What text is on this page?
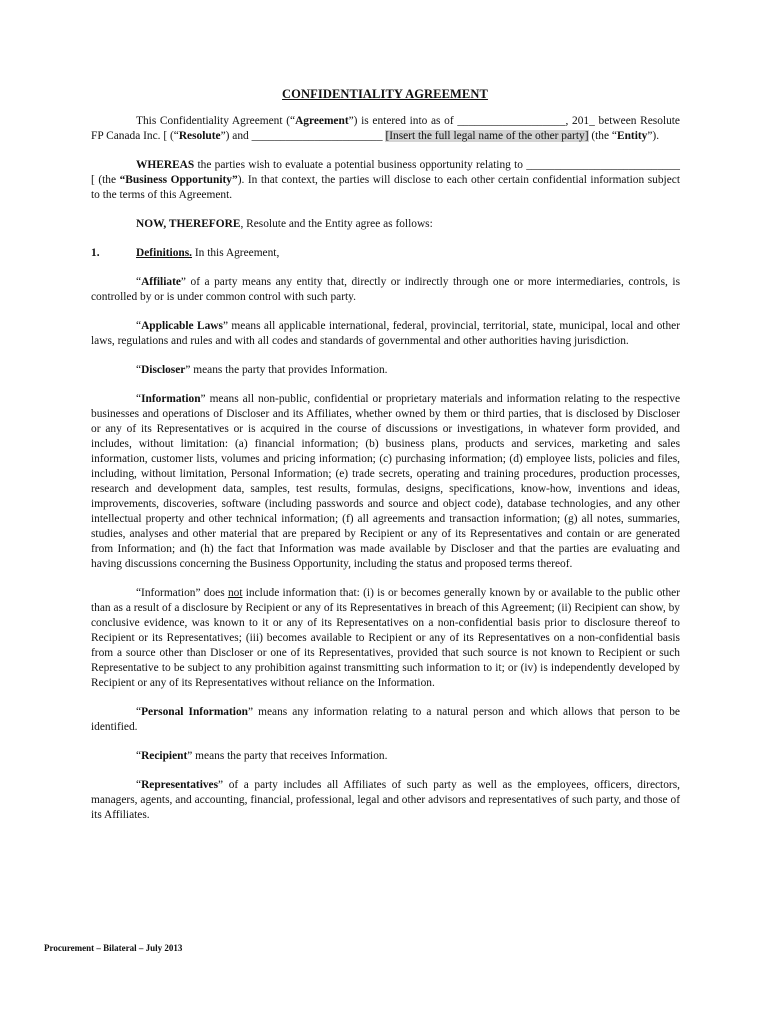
CONFIDENTIALITY AGREEMENT

This Confidentiality Agreement (“Agreement”) is entered into as of ___________________, 201_ between Resolute FP Canada Inc. [ (“Resolute”) and _______________________ [Insert the full legal name of the other party] (the “Entity”).

WHEREAS the parties wish to evaluate a potential business opportunity relating to ___________________________ [ (the “Business Opportunity”). In that context, the parties will disclose to each other certain confidential information subject to the terms of this Agreement.

NOW, THEREFORE, Resolute and the Entity agree as follows:

1.	Definitions. In this Agreement,

“Affiliate” of a party means any entity that, directly or indirectly through one or more intermediaries, controls, is controlled by or is under common control with such party.

“Applicable Laws” means all applicable international, federal, provincial, territorial, state, municipal, local and other laws, regulations and rules and with all codes and standards of governmental and other authorities having jurisdiction.

“Discloser” means the party that provides Information.

“Information” means all non-public, confidential or proprietary materials and information relating to the respective businesses and operations of Discloser and its Affiliates, whether owned by them or third parties, that is disclosed by Discloser or any of its Representatives or is acquired in the course of discussions or investigations, in whatever form provided, and includes, without limitation: (a) financial information; (b) business plans, products and services, marketing and sales information, customer lists, volumes and pricing information; (c) purchasing information; (d) employee lists, policies and files, including, without limitation, Personal Information; (e) trade secrets, operating and training procedures, production processes, research and development data, samples, test results, formulas, designs, specifications, know-how, inventions and ideas, improvements, discoveries, software (including passwords and source and object code), database technologies, and any other intellectual property and other technical information; (f) all agreements and transaction information; (g) all notes, summaries, studies, analyses and other material that are prepared by Recipient or any of its Representatives and contain or are generated from Information; and (h) the fact that Information was made available by Discloser and that the parties are evaluating and having discussions concerning the Business Opportunity, including the status and proposed terms thereof.

“Information” does not include information that: (i) is or becomes generally known by or available to the public other than as a result of a disclosure by Recipient or any of its Representatives in breach of this Agreement; (ii) Recipient can show, by conclusive evidence, was known to it or any of its Representatives on a non-confidential basis prior to disclosure thereof to Recipient or its Representatives; (iii) becomes available to Recipient or any of its Representatives on a non-confidential basis from a source other than Discloser or one of its Representatives, provided that such source is not known to Recipient or such Representative to be subject to any prohibition against transmitting such information to it; or (iv) is independently developed by Recipient or any of its Representatives without reliance on the Information.

“Personal Information” means any information relating to a natural person and which allows that person to be identified.

“Recipient” means the party that receives Information.

“Representatives” of a party includes all Affiliates of such party as well as the employees, officers, directors, managers, agents, and accounting, financial, professional, legal and other advisors and representatives of such party, and those of its Affiliates.

Procurement – Bilateral – July 2013
